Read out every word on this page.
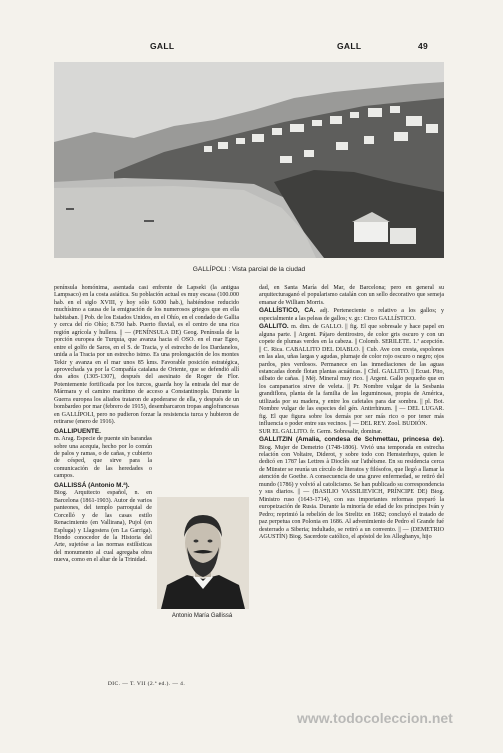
GALL	GALL	49
GALLÍPOLI : Vista parcial de la ciudad

península homónima, asentada casi enfrente de Lapseki (la antigua Lampsaco) en la costa asiática. Su población actual es muy escasa (100.000 hab. en el siglo XVIII, y hoy sólo 6.000 hab.), habiéndose reducido muchísimo a causa de la emigración de los numerosos griegos que en ella habitaban. || Pob. de los Estados Unidos, en el Ohío, en el condado de Gallia y cerca del río Ohío; 8.750 hab. Puerto fluvial, es el centro de una rica región agrícola y hullera. || — (PENÍNSULA DE) Geog. Península de la porción europea de Turquía, que avanza hacia el OSO. en el mar Egeo, entre el golfo de Saros, en el S. de Tracia, y el estrecho de los Dardanelos, unida a la Tracia por un estrecho istmo. Es una prolongación de los montes Tekir y avanza en el mar unos 85 kms. Favorable posición estratégica, aprovechada ya por la Compañía catalana de Oriente, que se defendió allí dos años (1305-1307), después del asesinato de Roger de Flor. Potentemente fortificada por los turcos, guarda hoy la entrada del mar de Mármara y el camino marítimo de acceso a Constantinopla. Durante la Guerra europea los aliados trataron de apoderarse de ella, y después de un bombardeo por mar (febrero de 1915), desembarcaron tropas anglofrancesas en GALLÍPOLI, pero no pudieron forzar la resistencia turca y hubieron de retirarse (enero de 1916).

GALLIPUENTE.

m. Arag. Especie de puente sin barandas sobre una acequia, hecho por lo común de palos y ramas, o de cañas, y cubierto de césped, que sirve para la comunicación de las heredades o campos.

GALLISSÁ (Antonio M.ª).

Biog. Arquitecto español, n. en Barcelona (1861-1903). Autor de varios panteones, del templo parroquial de Corcelló y de las casas estilo Renacimiento (en Vallirana), Pujol (en Espluga) y Llagostera (en La Garriga). Hondo conocedor de la Historia del Arte, sujetóse a las normas estilísticas del monumento al cual agregaba obra nueva, como en el altar de la Trinidad.
Antonio María Gallissá

dad, en Santa María del Mar, de Barcelona; pero en general su arquitecturaganó el popularismo catalán con un sello decorativo que semeja emanar de William Morris.

GALLÍSTICO, CA. adj. Perteneciente o relativo a los gallos; y especialmente a las peleas de gallos; v. gr.: Circo GALLÍSTICO.

GALLITO. m. dim. de GALLO. || fig. El que sobresale y hace papel en alguna parte. || Argent. Pájaro dentirostro, de color gris oscuro y con un copete de plumas verdes en la cabeza. || Colomb. SERILETE. 1.ª acepción. || C. Rica. CABALLITO DEL DIABLO. || Cub. Ave con cresta, espolones en las alas, uñas largas y agudas, plumaje de color rojo oscuro o negro; ojos pardos, pies verdosos. Permanece en las inmediaciones de las aguas estancadas donde flotan plantas acuáticas. || Chil. GALLITO. || Ecuat. Pito, silbato de cañas. || Méj. Mineral muy rico. || Argent. Gallo pequeño que en los campanarios sirve de veleta. || Pr. Nombre vulgar de la Sesbania grandiflora, planta de la familia de las leguminosas, propia de América, utilizada por su madera, y entre los cafetales para dar sombra. || pl. Bot. Nombre vulgar de las especies del gén. Antirrhinum. || — DEL LUGAR. fig. El que figura sobre los demás por ser más rico o por tener más influencia o poder entre sus vecinos. || — DEL REY. Zool. BUDIÓN.

SUR EL GALLITO. fr. Germ. Sobresalir, dominar.

GALLITZIN (Amalia, condesa de Schmettau, princesa de). Biog. Mujer de Demetrio (1748-1806). Vivió una temporada en estrecha relación con Voltaire, Diderot, y sobre todo con Hemsterhuys, quien le dedicó en 1787 las Lettres à Dioclès sur l'athéisme. En su residencia cerca de Münster se reunía un círculo de literatos y filósofos, que llegó a llamar la atención de Goethe. A consecuencia de una grave enfermedad, se retiró del mundo (1786) y volvió al catolicismo. Se han publicado su correspondencia y sus diarios. || — (BASILIO VASSILIEVICH, PRÍNCIPE DE) Biog. Ministro ruso (1643-1714), con sus importantes reformas preparó la europeización de Rusia. Durante la minoría de edad de los príncipes Iván y Pedro; reprimió la rebelión de los Strelitz en 1682; concluyó el tratado de paz perpetua con Polonia en 1686. Al advenimiento de Pedro el Grande fué desterrado a Siberia; indultado, se retiró a un convento. || — (DEMETRIO AGUSTÍN) Biog. Sacerdote católico, el apóstol de los Alleghanys, hijo

DIC. — T. VII (2.ª ed.). — 4.
www.todocoleccion.net
